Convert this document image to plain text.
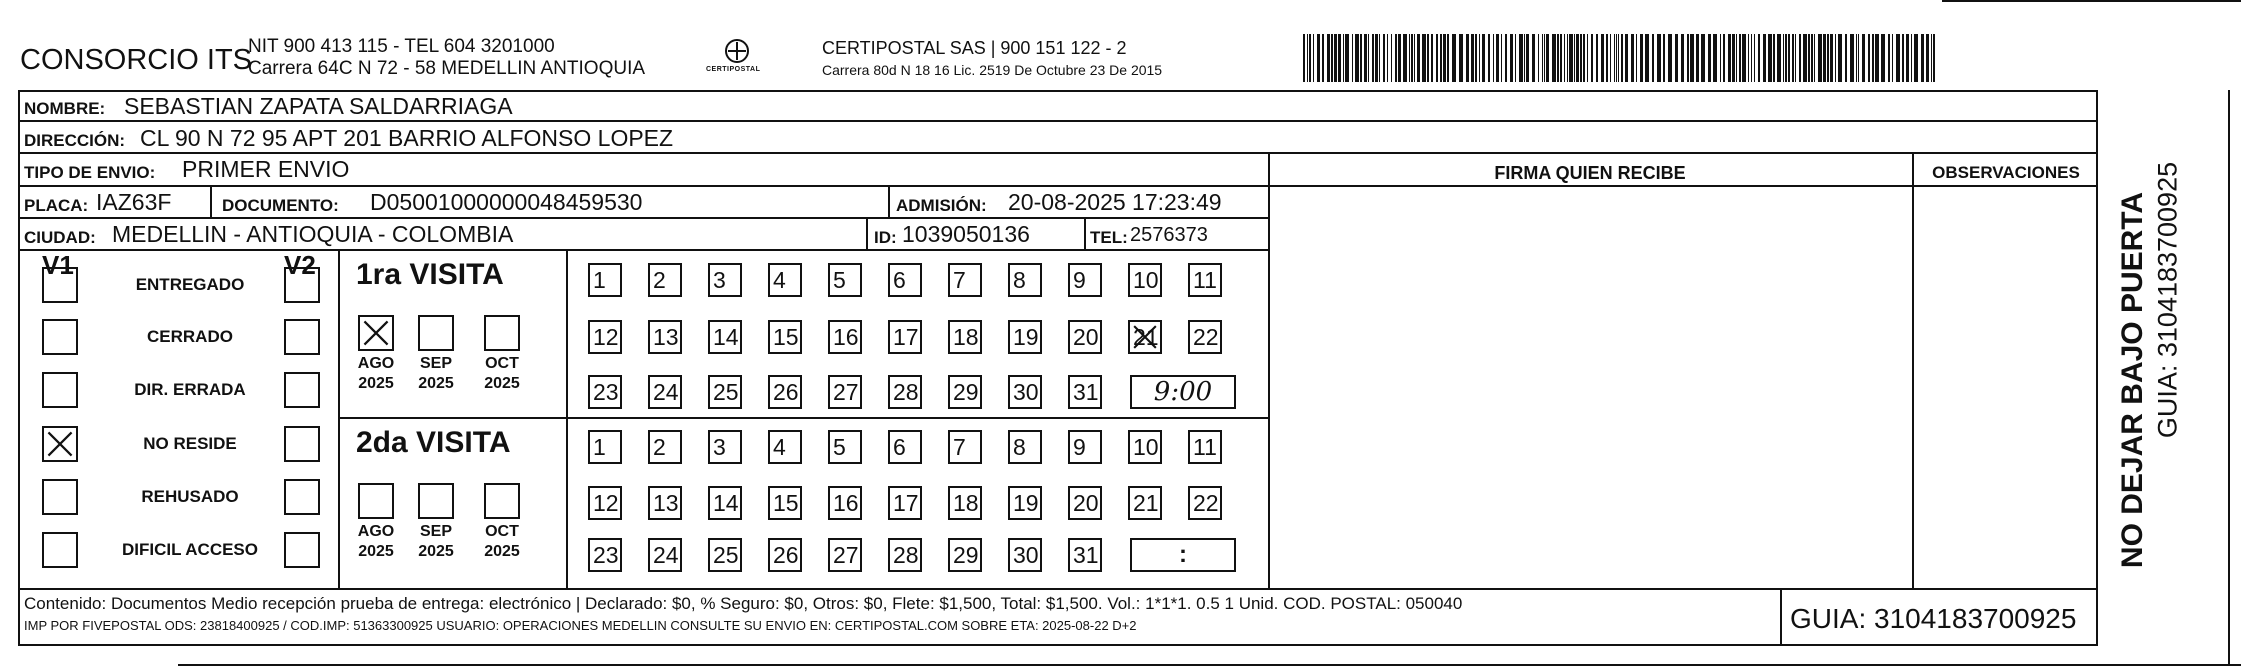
CONSORCIO ITS
NIT 900 413 115 - TEL 604 3201000
Carrera 64C N 72 - 58 MEDELLIN ANTIOQUIA	CERTIPOSTAL
CERTIPOSTAL SAS | 900 151 122 - 2
Carrera 80d N 18 16 Lic. 2519 De Octubre 23 De 2015
NOMBRE: SEBASTIAN ZAPATA SALDARRIAGA
DIRECCIÓN: CL 90 N 72 95 APT 201 BARRIO ALFONSO LOPEZ
TIPO DE ENVIO: PRIMER ENVIO	FIRMA QUIEN RECIBE	OBSERVACIONES
PLACA: IAZ63F	DOCUMENTO: D05001000000048459530	ADMISIÓN: 20-08-2025 17:23:49
CIUDAD: MEDELLIN - ANTIOQUIA - COLOMBIA	ID: 1039050136	TEL: 2576373
V1	V2
ENTREGADO
CERRADO
DIR. ERRADA
NO RESIDE
REHUSADO
DIFICIL ACCESO
1ra VISITA
AGO
2025
SEP
2025
OCT
2025
1	2	3	4	5	6	7	8	9	10 11
12 13 14 15 16 17 18 19 20 21 22
23 24 25 26 27 28 29 30 31	9:00
2da VISITA
AGO
2025
SEP
2025
OCT
2025
1	2	3	4	5	6	7	8	9	10 11
12 13 14 15 16 17 18 19 20 21 22
23 24 25 26 27 28 29 30 31	:
Contenido: Documentos Medio recepción prueba de entrega: electrónico | Declarado: $0, % Seguro: $0, Otros: $0, Flete: $1,500, Total: $1,500. Vol.: 1*1*1. 0.5 1 Unid. COD. POSTAL: 050040
IMP POR FIVEPOSTAL ODS: 23818400925 / COD.IMP: 51363300925 USUARIO: OPERACIONES MEDELLIN CONSULTE SU ENVIO EN: CERTIPOSTAL.COM SOBRE ETA: 2025-08-22 D+2	GUIA: 3104183700925
NO DEJAR BAJO PUERTA GUIA: 3104183700925
